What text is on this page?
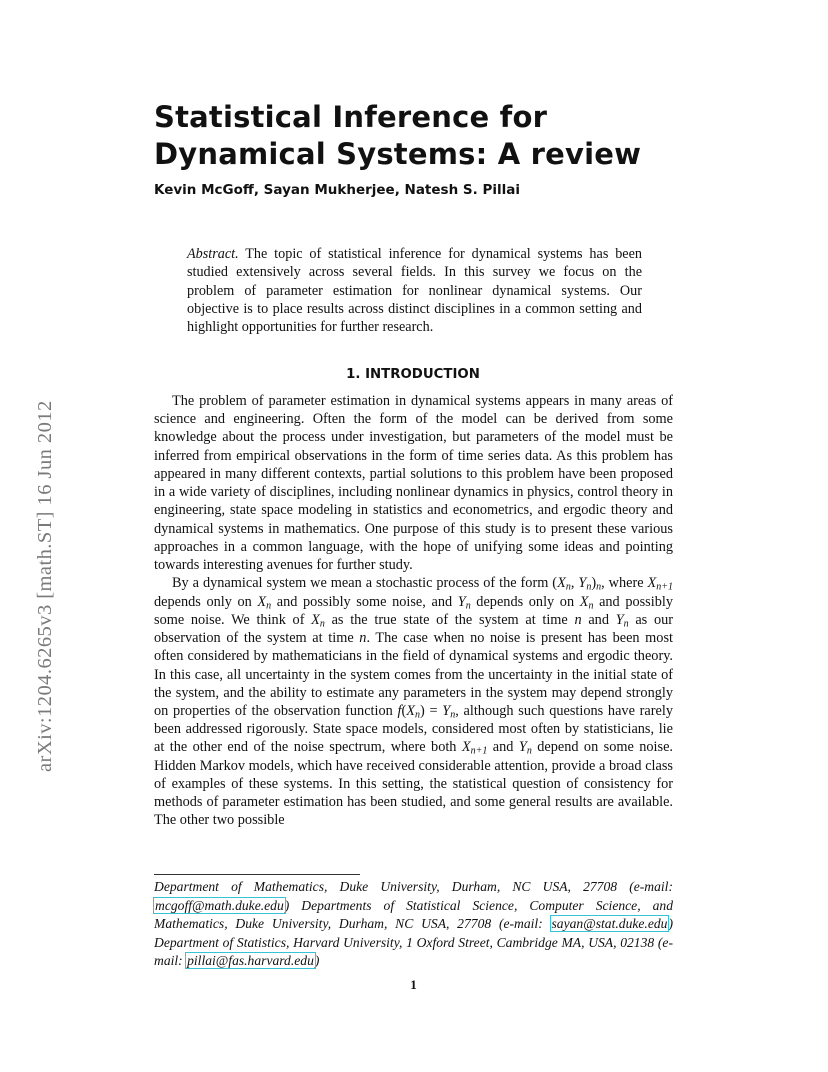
arXiv:1204.6265v3 [math.ST] 16 Jun 2012
Statistical Inference for
Dynamical Systems: A review
Kevin McGoff, Sayan Mukherjee, Natesh S. Pillai

Abstract. The topic of statistical inference for dynamical systems has been studied extensively across several fields. In this survey we focus on the problem of parameter estimation for nonlinear dynamical systems. Our objective is to place results across distinct disciplines in a common setting and highlight opportunities for further research.

1. INTRODUCTION

The problem of parameter estimation in dynamical systems appears in many areas of science and engineering. Often the form of the model can be derived from some knowledge about the process under investigation, but parameters of the model must be inferred from empirical observations in the form of time series data. As this problem has appeared in many different contexts, partial solutions to this problem have been proposed in a wide variety of disciplines, including nonlinear dynamics in physics, control theory in engineering, state space modeling in statistics and econometrics, and ergodic theory and dynamical systems in mathematics. One purpose of this study is to present these various approaches in a common language, with the hope of unifying some ideas and pointing towards interesting avenues for further study.

By a dynamical system we mean a stochastic process of the form ($X_n$, $Y_n)_n$, where $X_{n+1}$ depends only on $X_n$ and possibly some noise, and $Y_n$ depends only on $X_n$ and possibly some noise. We think of $X_n$ as the true state of the system at time n and $Y_n$ as our observation of the system at time n. The case when no noise is present has been most often considered by mathematicians in the field of dynamical systems and ergodic theory. In this case, all uncertainty in the system comes from the uncertainty in the initial state of the system, and the ability to estimate any parameters in the system may depend strongly on properties of the observation function $f(X_n) = Y_n$, although such questions have rarely been addressed rigorously. State space models, considered most often by statisticians, lie at the other end of the noise spectrum, where both $X_{n+1}$ and $Y_n$ depend on some noise. Hidden Markov models, which have received considerable attention, provide a broad class of examples of these systems. In this setting, the statistical question of consistency for methods of parameter estimation has been studied, and some general results are available. The other two possible

Department of Mathematics, Duke University, Durham, NC USA, 27708 (e-mail: mcgoff@math.duke.edu) Departments of Statistical Science, Computer Science, and Mathematics, Duke University, Durham, NC USA, 27708 (e-mail: sayan@stat.duke.edu) Department of Statistics, Harvard University, 1 Oxford Street, Cambridge MA, USA, 02138 (e-mail: pillai@fas.harvard.edu)
1
